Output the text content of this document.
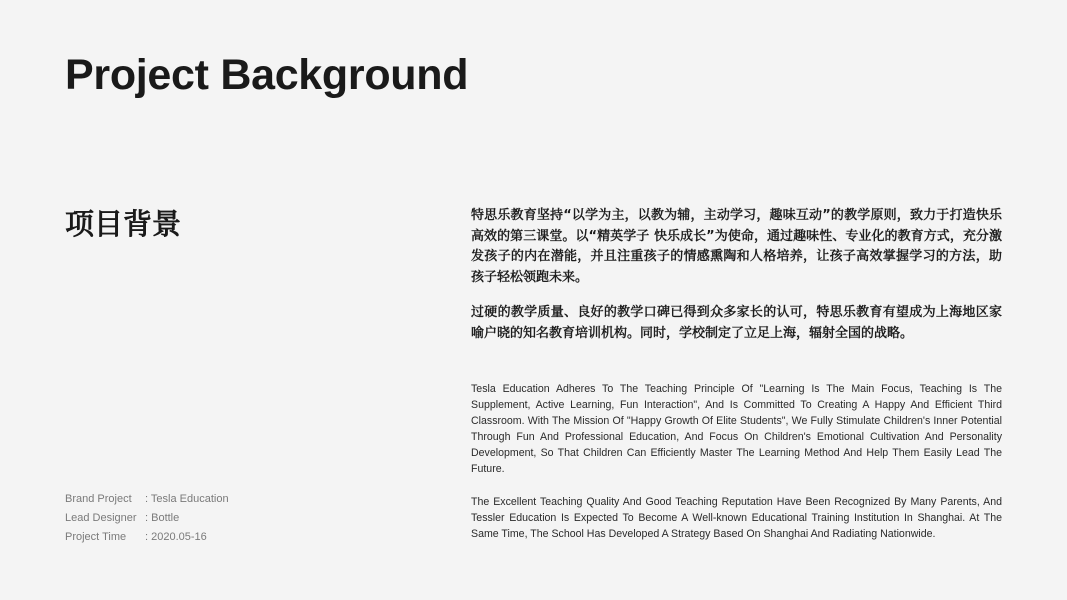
Project Background
项目背景
Brand Project	: Tesla Education
Lead Designer : Bottle
Project Time	: 2020.05-16

特思乐教育坚持“以学为主，以教为辅，主动学习，趣味互动”的教学原则，致力于打造快乐高效的第三课堂。以“精英学子 快乐成长”为使命，通过趣味性、专业化的教育方式，充分激发孩子的内在潜能，并且注重孩子的情感熏陶和人格培养，让孩子高效掌握学习的方法，助孩子轻松领跑未来。

过硬的教学质量、良好的教学口碑已得到众多家长的认可，特思乐教育有望成为上海地区家喻户晓的知名教育培训机构。同时，学校制定了立足上海，辐射全国的战略。

Tesla Education Adheres To The Teaching Principle Of "Learning Is The Main Focus, Teaching Is The Supplement, Active Learning, Fun Interaction", And Is Committed To Creating A Happy And Efficient Third Classroom. With The Mission Of "Happy Growth Of Elite Students", We Fully Stimulate Children's Inner Potential Through Fun And Professional Education, And Focus On Children's Emotional Cultivation And Personality Development, So That Children Can Efficiently Master The Learning Method And Help Them Easily Lead The Future.

The Excellent Teaching Quality And Good Teaching Reputation Have Been Recognized By Many Parents, And Tessler Education Is Expected To Become A Well-known Educational Training Institution In Shanghai. At The Same Time, The School Has Developed A Strategy Based On Shanghai And Radiating Nationwide.
